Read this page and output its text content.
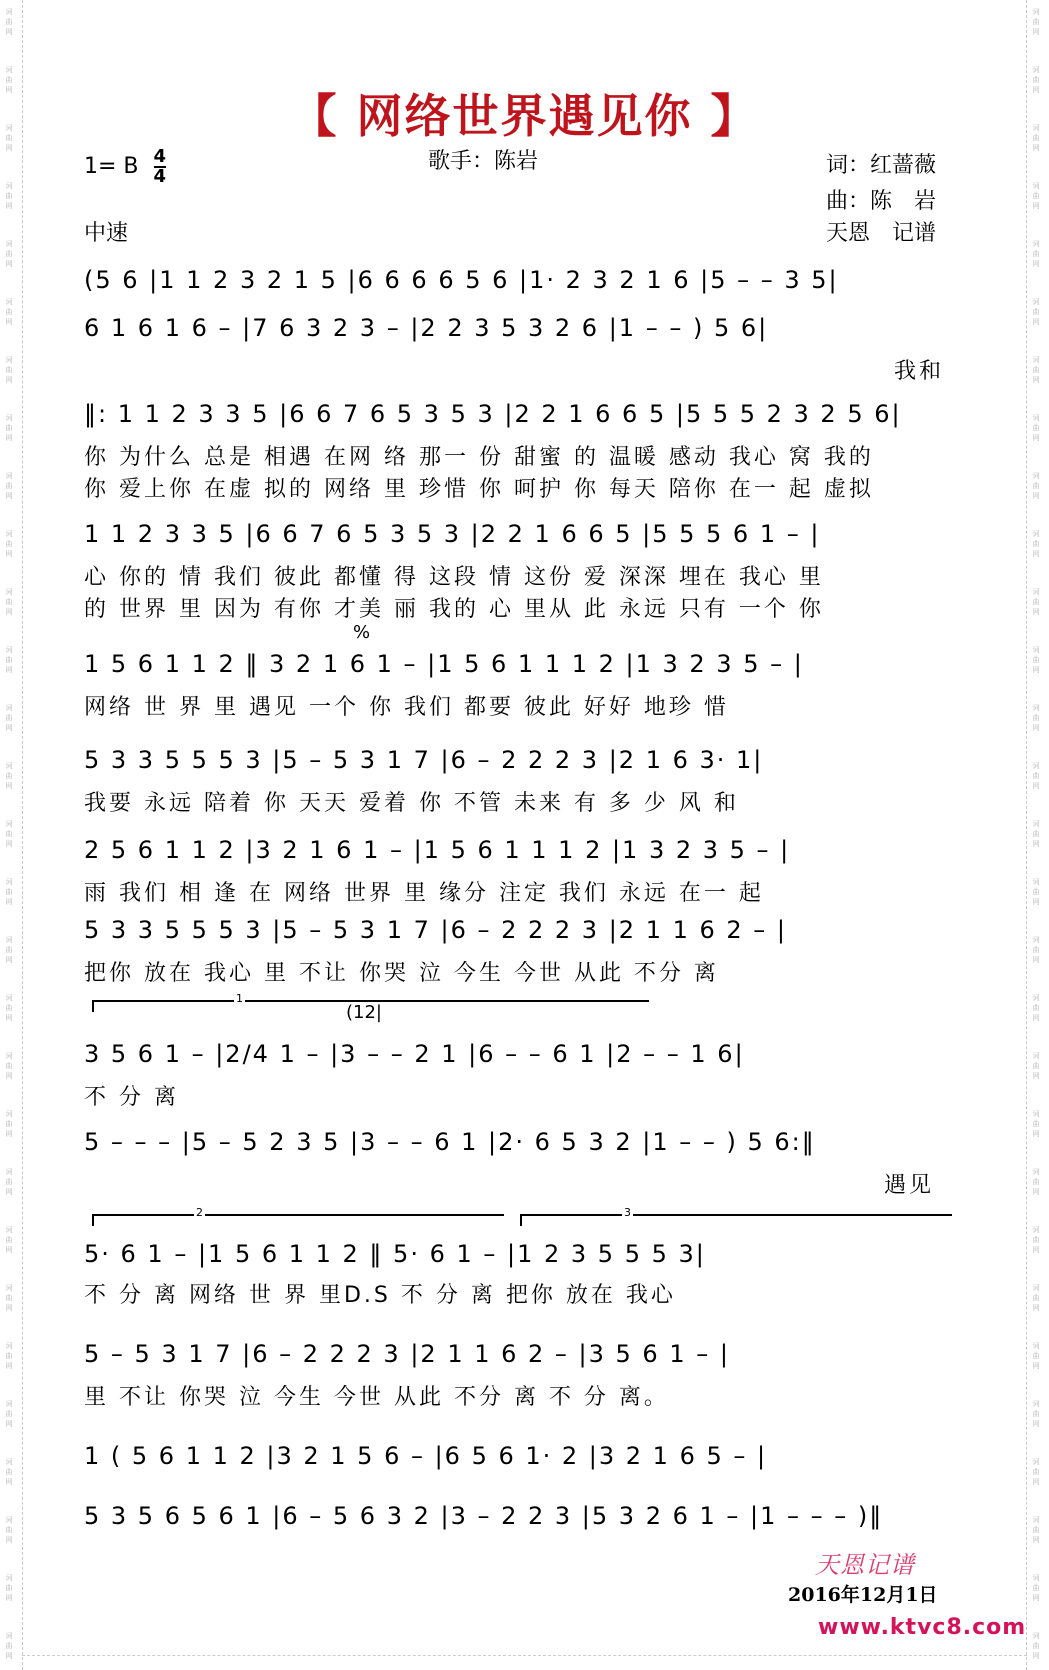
词
曲
网
词
曲
网
词
曲
网
词
曲
网
词
曲
网
词
曲
网
词
曲
网
词
曲
网
词
曲
网
词
曲
网
词
曲
网
词
曲
网
词
曲
网
词
曲
网
词
曲
网
词
曲
网
词
曲
网
词
曲
网
词
曲
网
词
曲
网
词
曲
网
词
曲
网
词
曲
网
词
曲
网
词
曲
网
词
曲
网
词
曲
网
词
曲
网
词
曲
网
词
曲
网
词
曲
网
词
曲
网
词
曲
网
词
曲
网
词
曲
网
词
曲
网
词
曲
网
词
曲
网
词
曲
网
词
曲
网
词
曲
网
词
曲
网
词
曲
网
词
曲
网
词
曲
网
词
曲
网
词
曲
网
词
曲
网
词
曲
网
词
曲
网
词
曲
网
词
曲
网
词
曲
网
词
曲
网
词
曲
网
词
曲
网
词
曲
网
词
曲
网
【 网络世界遇见你 】
1= B $\frac{4}{4}$	歌手：陈岩	词：红蔷薇
曲：陈　岩
中速	天恩　记谱
(5 6 |1 1 2 3 2 1 5 |6 6 6 6 5 6 |1· 2 3 2 1 6 |5 – – 3 5|
6 1 6 1 6 – |7 6 3 2 3 – |2 2 3 5 3 2 6 |1 – – ) 5 6|
我和
‖: 1 1 2 3 3 5 |6 6 7 6 5 3 5 3 |2 2 1 6 6 5 |5 5 5 2 3 2 5 6|
你 为什么 总是 相遇 在网 络 那一 份 甜蜜 的 温暖 感动 我心 窝 我的
你 爱上你 在虚 拟的 网络 里 珍惜 你 呵护 你 每天 陪你 在一 起 虚拟
1 1 2 3 3 5 |6 6 7 6 5 3 5 3 |2 2 1 6 6 5 |5 5 5 6 1 – |
心 你的 情 我们 彼此 都懂 得 这段 情 这份 爱 深深 埋在 我心 里
的 世界 里 因为 有你 才美 丽 我的 心 里从 此 永远 只有 一个 你
%
1 5 6 1 1 2 ‖ 3 2 1 6 1 – |1 5 6 1 1 1 2 |1 3 2 3 5 – |
网络 世 界 里 遇见 一个 你 我们 都要 彼此 好好 地珍 惜
5 3 3 5 5 5 3 |5 – 5 3 1 7 |6 – 2 2 2 3 |2 1 6 3· 1|
我要 永远 陪着 你 天天 爱着 你 不管 未来 有 多 少 风 和
2 5 6 1 1 2 |3 2 1 6 1 – |1 5 6 1 1 1 2 |1 3 2 3 5 – |
雨 我们 相 逢 在 网络 世界 里 缘分 注定 我们 永远 在一 起
5 3 3 5 5 5 3 |5 – 5 3 1 7 |6 – 2 2 2 3 |2 1 1 6 2 – |
把你 放在 我心 里 不让 你哭 泣 今生 今世 从此 不分 离
1
(12|
3 5 6 1 – |2/4 1 – |3 – – 2 1 |6 – – 6 1 |2 – – 1 6|
不 分 离
5 – – – |5 – 5 2 3 5 |3 – – 6 1 |2· 6 5 3 2 |1 – – ) 5 6:‖
遇见
2	3
5· 6 1 – |1 5 6 1 1 2 ‖ 5· 6 1 – |1 2 3 5 5 5 3|
不 分 离 网络 世 界 里D.S 不 分 离 把你 放在 我心
5 – 5 3 1 7 |6 – 2 2 2 3 |2 1 1 6 2 – |3 5 6 1 – |
里 不让 你哭 泣 今生 今世 从此 不分 离 不 分 离。
1 ( 5 6 1 1 2 |3 2 1 5 6 – |6 5 6 1· 2 |3 2 1 6 5 – |
5 3 5 6 5 6 1 |6 – 5 6 3 2 |3 – 2 2 3 |5 3 2 6 1 – |1 – – – )‖
天恩记谱
2016年12月1日
www.ktvc8.com
